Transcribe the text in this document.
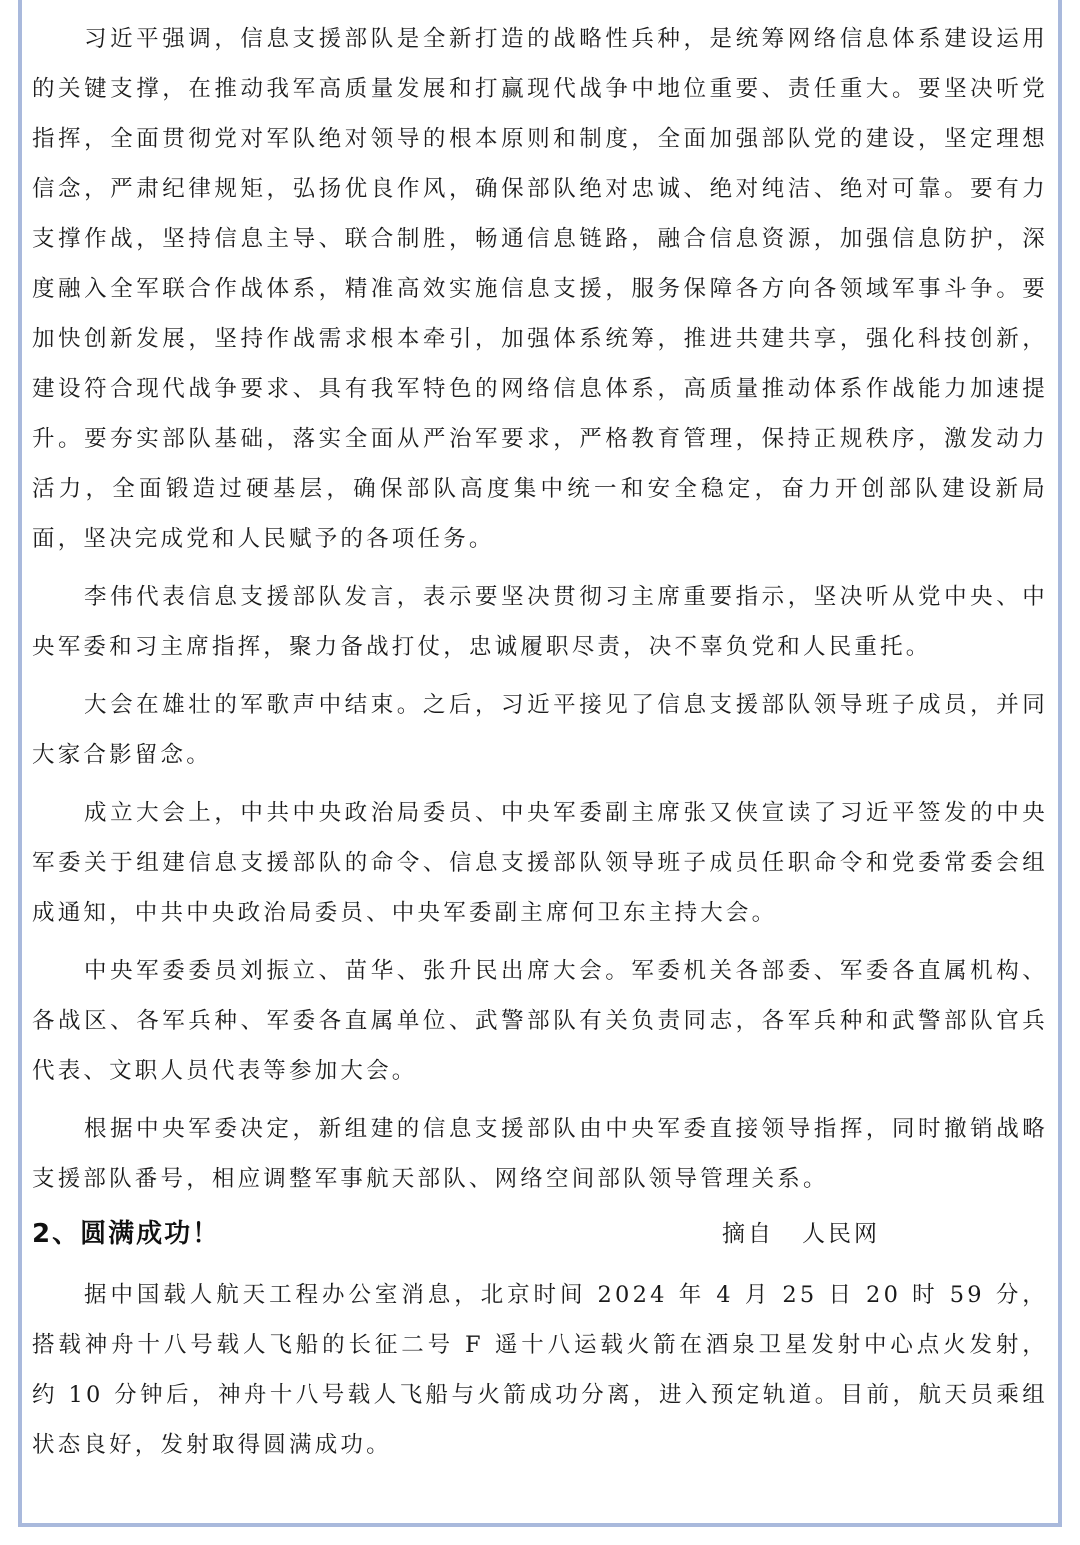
习近平强调，信息支援部队是全新打造的战略性兵种，是统筹网络信息体系建设运用的关键支撑，在推动我军高质量发展和打赢现代战争中地位重要、责任重大。要坚决听党指挥，全面贯彻党对军队绝对领导的根本原则和制度，全面加强部队党的建设，坚定理想信念，严肃纪律规矩，弘扬优良作风，确保部队绝对忠诚、绝对纯洁、绝对可靠。要有力支撑作战，坚持信息主导、联合制胜，畅通信息链路，融合信息资源，加强信息防护，深度融入全军联合作战体系，精准高效实施信息支援，服务保障各方向各领域军事斗争。要加快创新发展，坚持作战需求根本牵引，加强体系统筹，推进共建共享，强化科技创新，建设符合现代战争要求、具有我军特色的网络信息体系，高质量推动体系作战能力加速提升。要夯实部队基础，落实全面从严治军要求，严格教育管理，保持正规秩序，激发动力活力，全面锻造过硬基层，确保部队高度集中统一和安全稳定，奋力开创部队建设新局面，坚决完成党和人民赋予的各项任务。

李伟代表信息支援部队发言，表示要坚决贯彻习主席重要指示，坚决听从党中央、中央军委和习主席指挥，聚力备战打仗，忠诚履职尽责，决不辜负党和人民重托。

大会在雄壮的军歌声中结束。之后，习近平接见了信息支援部队领导班子成员，并同大家合影留念。

成立大会上，中共中央政治局委员、中央军委副主席张又侠宣读了习近平签发的中央军委关于组建信息支援部队的命令、信息支援部队领导班子成员任职命令和党委常委会组成通知，中共中央政治局委员、中央军委副主席何卫东主持大会。

中央军委委员刘振立、苗华、张升民出席大会。军委机关各部委、军委各直属机构、各战区、各军兵种、军委各直属单位、武警部队有关负责同志，各军兵种和武警部队官兵代表、文职人员代表等参加大会。

根据中央军委决定，新组建的信息支援部队由中央军委直接领导指挥，同时撤销战略支援部队番号，相应调整军事航天部队、网络空间部队领导管理关系。

2、圆满成功！	摘自 人民网

据中国载人航天工程办公室消息，北京时间 2024 年 4 月 25 日 20 时 59 分，搭载神舟十八号载人飞船的长征二号 F 遥十八运载火箭在酒泉卫星发射中心点火发射，约 10 分钟后，神舟十八号载人飞船与火箭成功分离，进入预定轨道。目前，航天员乘组状态良好，发射取得圆满成功。
